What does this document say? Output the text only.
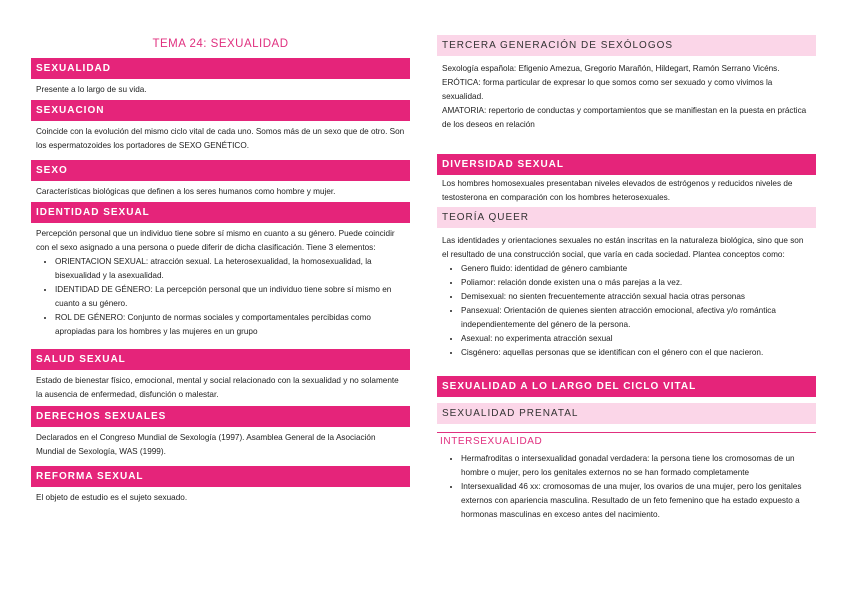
TEMA 24: SEXUALIDAD
SEXUALIDAD

Presente a lo largo de su vida.

SEXUACION

Coincide con la evolución del mismo ciclo vital de cada uno. Somos más de un sexo que de otro. Son los espermatozoides los portadores de SEXO GENÉTICO.

SEXO

Características biológicas que definen a los seres humanos como hombre y mujer.

IDENTIDAD SEXUAL

Percepción personal que un individuo tiene sobre sí mismo en cuanto a su género. Puede coincidir con el sexo asignado a una persona o puede diferir de dicha clasificación. Tiene 3 elementos:

• ORIENTACION SEXUAL: atracción sexual. La heterosexualidad, la homosexualidad, la bisexualidad y la asexualidad.
• IDENTIDAD DE GÉNERO: La percepción personal que un individuo tiene sobre sí mismo en cuanto a su género.
• ROL DE GÉNERO: Conjunto de normas sociales y comportamentales percibidas como apropiadas para los hombres y las mujeres en un grupo
SALUD SEXUAL

Estado de bienestar físico, emocional, mental y social relacionado con la sexualidad y no solamente la ausencia de enfermedad, disfunción o malestar.

DERECHOS SEXUALES

Declarados en el Congreso Mundial de Sexología (1997). Asamblea General de la Asociación Mundial de Sexología, WAS (1999).

REFORMA SEXUAL

El objeto de estudio es el sujeto sexuado.

TERCERA GENERACIÓN DE SEXÓLOGOS

Sexología española: Efigenio Amezua, Gregorio Marañón, Hildegart, Ramón Serrano Vicéns.

ERÓTICA: forma particular de expresar lo que somos como ser sexuado y como vivimos la sexualidad.

AMATORIA: repertorio de conductas y comportamientos que se manifiestan en la puesta en práctica de los deseos en relación

DIVERSIDAD SEXUAL

Los hombres homosexuales presentaban niveles elevados de estrógenos y reducidos niveles de testosterona en comparación con los hombres heterosexuales.

TEORÍA QUEER

Las identidades y orientaciones sexuales no están inscritas en la naturaleza biológica, sino que son el resultado de una construcción social, que varía en cada sociedad. Plantea conceptos como:

• Genero fluido: identidad de género cambiante
• Poliamor: relación donde existen una o más parejas a la vez.
• Demisexual: no sienten frecuentemente atracción sexual hacia otras personas
• Pansexual: Orientación de quienes sienten atracción emocional, afectiva y/o romántica independientemente del género de la persona.
• Asexual: no experimenta atracción sexual
• Cisgénero: aquellas personas que se identifican con el género con el que nacieron.
SEXUALIDAD A LO LARGO DEL CICLO VITAL
SEXUALIDAD PRENATAL
INTERSEXUALIDAD
• Hermafroditas o intersexualidad gonadal verdadera: la persona tiene los cromosomas de un hombre o mujer, pero los genitales externos no se han formado completamente
• Intersexualidad 46 xx: cromosomas de una mujer, los ovarios de una mujer, pero los genitales externos con apariencia masculina. Resultado de un feto femenino que ha estado expuesto a hormonas masculinas en exceso antes del nacimiento.
